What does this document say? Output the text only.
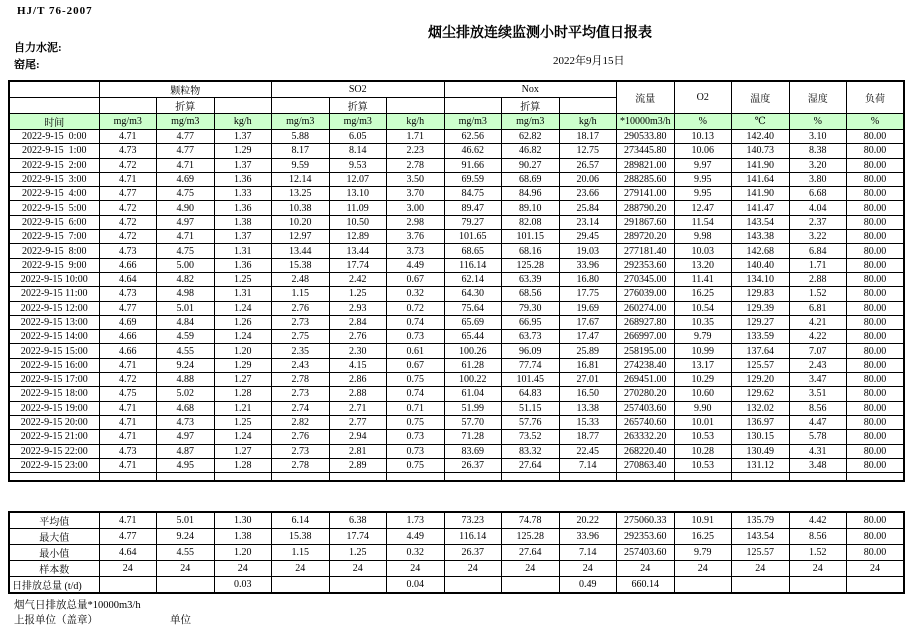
HJ/T 76-2007
烟尘排放连续监测小时平均值日报表
自力水泥:
窑尾:	2022年9月15日
	颗粒物			SO2			Nox			流量	O2	温度	湿度	负荷
		折算			折算			折算						
时间	mg/m3	mg/m3	kg/h	mg/m3	mg/m3	kg/h	mg/m3	mg/m3	kg/h	*10000m3/h	%	℃	%	%
2022-9-15  0:00	4.71	4.77	1.37	5.88	6.05	1.71	62.56	62.82	18.17	290533.80	10.13	142.40	3.10	80.00
2022-9-15  1:00	4.73	4.77	1.29	8.17	8.14	2.23	46.62	46.82	12.75	273445.80	10.06	140.73	8.38	80.00
2022-9-15  2:00	4.72	4.71	1.37	9.59	9.53	2.78	91.66	90.27	26.57	289821.00	9.97	141.90	3.20	80.00
2022-9-15  3:00	4.71	4.69	1.36	12.14	12.07	3.50	69.59	68.69	20.06	288285.60	9.95	141.64	3.80	80.00
2022-9-15  4:00	4.77	4.75	1.33	13.25	13.10	3.70	84.75	84.96	23.66	279141.00	9.95	141.90	6.68	80.00
2022-9-15  5:00	4.72	4.90	1.36	10.38	11.09	3.00	89.47	89.10	25.84	288790.20	12.47	141.47	4.04	80.00
2022-9-15  6:00	4.72	4.97	1.38	10.20	10.50	2.98	79.27	82.08	23.14	291867.60	11.54	143.54	2.37	80.00
2022-9-15  7:00	4.72	4.71	1.37	12.97	12.89	3.76	101.65	101.15	29.45	289720.20	9.98	143.38	3.22	80.00
2022-9-15  8:00	4.73	4.75	1.31	13.44	13.44	3.73	68.65	68.16	19.03	277181.40	10.03	142.68	6.84	80.00
2022-9-15  9:00	4.66	5.00	1.36	15.38	17.74	4.49	116.14	125.28	33.96	292353.60	13.20	140.40	1.71	80.00
2022-9-15 10:00	4.64	4.82	1.25	2.48	2.42	0.67	62.14	63.39	16.80	270345.00	11.41	134.10	2.88	80.00
2022-9-15 11:00	4.73	4.98	1.31	1.15	1.25	0.32	64.30	68.56	17.75	276039.00	16.25	129.83	1.52	80.00
2022-9-15 12:00	4.77	5.01	1.24	2.76	2.93	0.72	75.64	79.30	19.69	260274.00	10.54	129.39	6.81	80.00
2022-9-15 13:00	4.69	4.84	1.26	2.73	2.84	0.74	65.69	66.95	17.67	268927.80	10.35	129.27	4.21	80.00
2022-9-15 14:00	4.66	4.59	1.24	2.75	2.76	0.73	65.44	63.73	17.47	266997.00	9.79	133.59	4.22	80.00
2022-9-15 15:00	4.66	4.55	1.20	2.35	2.30	0.61	100.26	96.09	25.89	258195.00	10.99	137.64	7.07	80.00
2022-9-15 16:00	4.71	9.24	1.29	2.43	4.15	0.67	61.28	77.74	16.81	274238.40	13.17	125.57	2.43	80.00
2022-9-15 17:00	4.72	4.88	1.27	2.78	2.86	0.75	100.22	101.45	27.01	269451.00	10.29	129.20	3.47	80.00
2022-9-15 18:00	4.75	5.02	1.28	2.73	2.88	0.74	61.04	64.83	16.50	270280.20	10.60	129.62	3.51	80.00
2022-9-15 19:00	4.71	4.68	1.21	2.74	2.71	0.71	51.99	51.15	13.38	257403.60	9.90	132.02	8.56	80.00
2022-9-15 20:00	4.71	4.73	1.25	2.82	2.77	0.75	57.70	57.76	15.33	265740.60	10.01	136.97	4.47	80.00
2022-9-15 21:00	4.71	4.97	1.24	2.76	2.94	0.73	71.28	73.52	18.77	263332.20	10.53	130.15	5.78	80.00
2022-9-15 22:00	4.73	4.87	1.27	2.73	2.81	0.73	83.69	83.32	22.45	268220.40	10.28	130.49	4.31	80.00
2022-9-15 23:00	4.71	4.95	1.28	2.78	2.89	0.75	26.37	27.64	7.14	270863.40	10.53	131.12	3.48	80.00

平均值	4.71	5.01	1.30	6.14	6.38	1.73	73.23	74.78	20.22	275060.33	10.91	135.79	4.42	80.00
最大值	4.77	9.24	1.38	15.38	17.74	4.49	116.14	125.28	33.96	292353.60	16.25	143.54	8.56	80.00
最小值	4.64	4.55	1.20	1.15	1.25	0.32	26.37	27.64	7.14	257403.60	9.79	125.57	1.52	80.00
样本数	24	24	24	24	24	24	24	24	24	24	24	24	24	24
日排放总量 (t/d)			0.03			0.04			0.49	660.14				
烟气日排放总量*10000m3/h
上报单位（盖章）	单位
